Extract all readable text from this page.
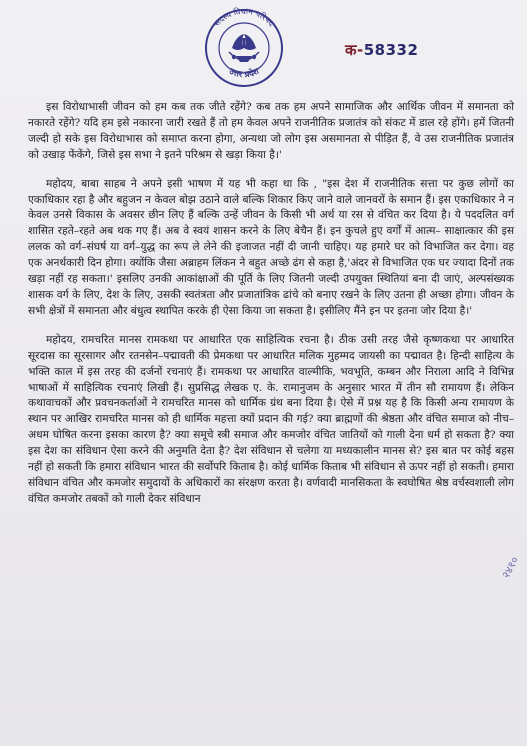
सदस्य विधान परिषद
उत्तर प्रदेश
क-58332

इस विरोधाभासी जीवन को हम कब तक जीते रहेंगे? कब तक हम अपने सामाजिक और आर्थिक जीवन में समानता को नकारते रहेंगे? यदि हम इसे नकारना जारी रखते हैं तो हम केवल अपने राजनीतिक प्रजातंत्र को संकट में डाल रहे होंगे। हमें जितनी जल्दी हो सके इस विरोधाभास को समाप्त करना होगा, अन्यथा जो लोग इस असमानता से पीड़ित हैं, वे उस राजनीतिक प्रजातंत्र को उखाड़ फेंकेंगे, जिसे इस सभा ने इतने परिश्रम से खड़ा किया है।'

महोदय, बाबा साहब ने अपने इसी भाषण में यह भी कहा था कि , "इस देश में राजनीतिक सत्ता पर कुछ लोगों का एकाधिकार रहा है और बहुजन न केवल बोझ उठाने वाले बल्कि शिकार किए जाने वाले जानवरों के समान हैं। इस एकाधिकार ने न केवल उनसे विकास के अवसर छीन लिए हैं बल्कि उन्हें जीवन के किसी भी अर्थ या रस से वंचित कर दिया है। ये पददलित वर्ग शासित रहते–रहते अब थक गए हैं। अब वे स्वयं शासन करने के लिए बेचैन हैं। इन कुचले हुए वर्गों में आत्म– साक्षात्कार की इस ललक को वर्ग–संघर्ष या वर्ग–युद्ध का रूप ले लेने की इजाजत नहीं दी जानी चाहिए। यह हमारे घर को विभाजित कर देगा। वह एक अनर्थकारी दिन होगा। क्योंकि जैसा अब्राहम लिंकन ने बहुत अच्छे ढंग से कहा है,'अंदर से विभाजित एक घर ज्यादा दिनों तक खड़ा नहीं रह सकता।' इसलिए उनकी आकांक्षाओं की पूर्ति के लिए जितनी जल्दी उपयुक्त स्थितियां बना दी जाएं, अल्पसंख्यक शासक वर्ग के लिए, देश के लिए, उसकी स्वतंत्रता और प्रजातांत्रिक ढांचे को बनाए रखने के लिए उतना ही अच्छा होगा। जीवन के सभी क्षेत्रों में समानता और बंधुत्व स्थापित करके ही ऐसा किया जा सकता है। इसीलिए मैंने इन पर इतना जोर दिया है।'

महोदय, रामचरित मानस रामकथा पर आधारित एक साहित्यिक रचना है। ठीक उसी तरह जैसे कृष्णकथा पर आधारित सूरदास का सूरसागर और रतनसेन–पद्मावती की प्रेमकथा पर आधारित मलिक मुहम्मद जायसी का पद्मावत है। हिन्दी साहित्य के भक्ति काल में इस तरह की दर्जनों रचनाएं हैं। रामकथा पर आधारित वाल्मीकि, भवभूति, कम्बन और निराला आदि ने विभिन्न भाषाओं में साहित्यिक रचनाएं लिखी हैं। सुप्रसिद्ध लेखक ए. के. रामानुजम के अनुसार भारत में तीन सौ रामायण हैं। लेकिन कथावाचकों और प्रवचनकर्ताओं ने रामचरित मानस को धार्मिक ग्रंथ बना दिया है। ऐसे में प्रश्न यह है कि किसी अन्य रामायण के स्थान पर आखिर रामचरित मानस को ही धार्मिक महत्ता क्यों प्रदान की गई? क्या ब्राह्मणों की श्रेष्ठता और वंचित समाज को नीच–अधम घोषित करना इसका कारण है? क्या समूचे स्त्री समाज और कमजोर वंचित जातियों को गाली देना धर्म हो सकता है? क्या इस देश का संविधान ऐसा करने की अनुमति देता है? देश संविधान से चलेगा या मध्यकालीन मानस से? इस बात पर कोई बहस नहीं हो सकती कि हमारा संविधान भारत की सर्वोपरि किताब है। कोई धार्मिक किताब भी संविधान से ऊपर नहीं हो सकती। हमारा संविधान वंचित और कमजोर समुदायों के अधिकारों का संरक्षण करता है। वर्णवादी मानसिकता के स्वघोषित श्रेष्ठ वर्चस्वशाली लोग वंचित कमजोर तबकों को गाली देकर संविधान

२४१०
